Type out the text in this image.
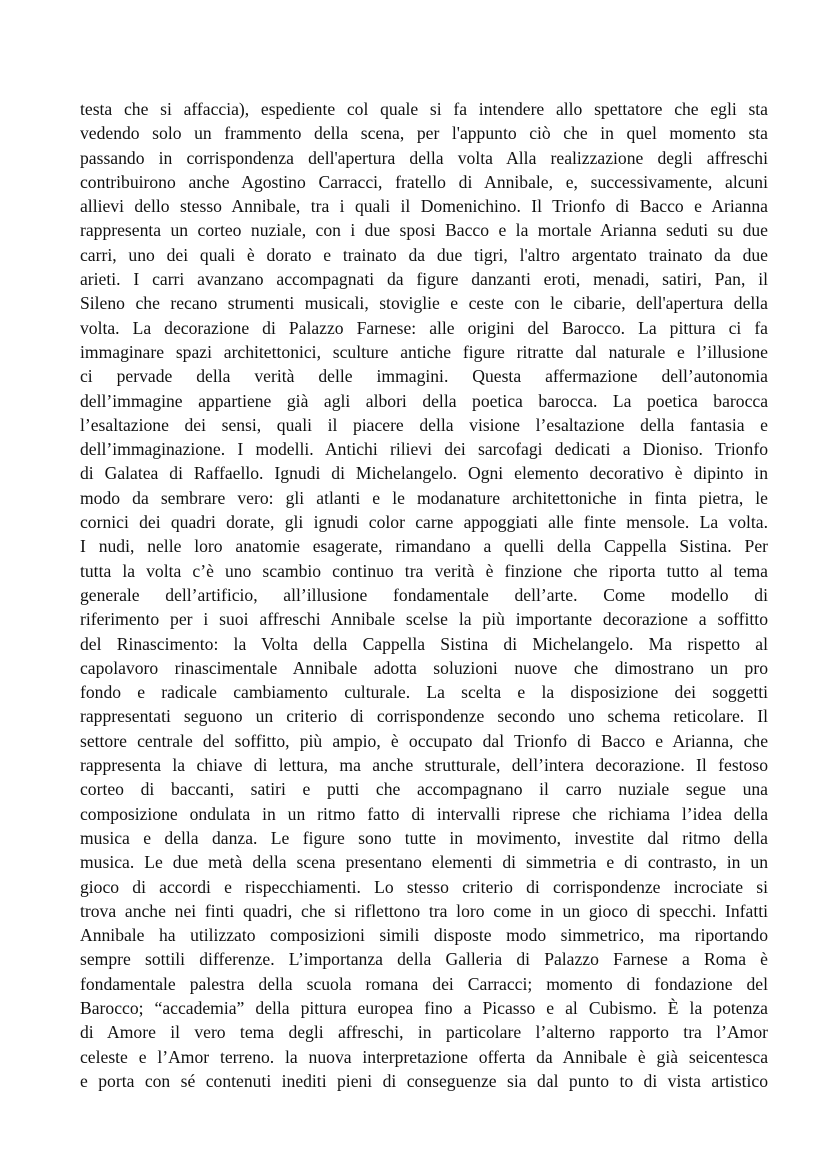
testa che si affaccia), espediente col quale si fa intendere allo spettatore che egli sta
vedendo solo un frammento della scena, per l'appunto ciò che in quel momento sta
passando in corrispondenza dell'apertura della volta Alla realizzazione degli affreschi
contribuirono anche Agostino Carracci, fratello di Annibale, e, successivamente, alcuni
allievi dello stesso Annibale, tra i quali il Domenichino. Il Trionfo di Bacco e Arianna
rappresenta un corteo nuziale, con i due sposi Bacco e la mortale Arianna seduti su due
carri, uno dei quali è dorato e trainato da due tigri, l'altro argentato trainato da due
arieti. I carri avanzano accompagnati da figure danzanti eroti, menadi, satiri, Pan, il
Sileno che recano strumenti musicali, stoviglie e ceste con le cibarie, dell'apertura della
volta. La decorazione di Palazzo Farnese: alle origini del Barocco. La pittura ci fa
immaginare spazi architettonici, sculture antiche figure ritratte dal naturale e l’illusione
ci pervade della verità delle immagini. Questa affermazione dell’autonomia
dell’immagine appartiene già agli albori della poetica barocca. La poetica barocca
l’esaltazione dei sensi, quali il piacere della visione l’esaltazione della fantasia e
dell’immaginazione. I modelli. Antichi rilievi dei sarcofagi dedicati a Dioniso. Trionfo
di Galatea di Raffaello. Ignudi di Michelangelo. Ogni elemento decorativo è dipinto in
modo da sembrare vero: gli atlanti e le modanature architettoniche in finta pietra, le
cornici dei quadri dorate, gli ignudi color carne appoggiati alle finte mensole. La volta.
I nudi, nelle loro anatomie esagerate, rimandano a quelli della Cappella Sistina. Per
tutta la volta c’è uno scambio continuo tra verità è finzione che riporta tutto al tema
generale dell’artificio, all’illusione fondamentale dell’arte. Come modello di
riferimento per i suoi affreschi Annibale scelse la più importante decorazione a soffitto
del Rinascimento: la Volta della Cappella Sistina di Michelangelo. Ma rispetto al
capolavoro rinascimentale Annibale adotta soluzioni nuove che dimostrano un pro
fondo e radicale cambiamento culturale. La scelta e la disposizione dei soggetti
rappresentati seguono un criterio di corrispondenze secondo uno schema reticolare. Il
settore centrale del soffitto, più ampio, è occupato dal Trionfo di Bacco e Arianna, che
rappresenta la chiave di lettura, ma anche strutturale, dell’intera decorazione. Il festoso
corteo di baccanti, satiri e putti che accompagnano il carro nuziale segue una
composizione ondulata in un ritmo fatto di intervalli riprese che richiama l’idea della
musica e della danza. Le figure sono tutte in movimento, investite dal ritmo della
musica. Le due metà della scena presentano elementi di simmetria e di contrasto, in un
gioco di accordi e rispecchiamenti. Lo stesso criterio di corrispondenze incrociate si
trova anche nei finti quadri, che si riflettono tra loro come in un gioco di specchi. Infatti
Annibale ha utilizzato composizioni simili disposte modo simmetrico, ma riportando
sempre sottili differenze. L’importanza della Galleria di Palazzo Farnese a Roma è
fondamentale palestra della scuola romana dei Carracci; momento di fondazione del
Barocco; “accademia” della pittura europea fino a Picasso e al Cubismo. È la potenza
di Amore il vero tema degli affreschi, in particolare l’alterno rapporto tra l’Amor
celeste e l’Amor terreno. la nuova interpretazione offerta da Annibale è già seicentesca
e porta con sé contenuti inediti pieni di conseguenze sia dal punto to di vista artistico
